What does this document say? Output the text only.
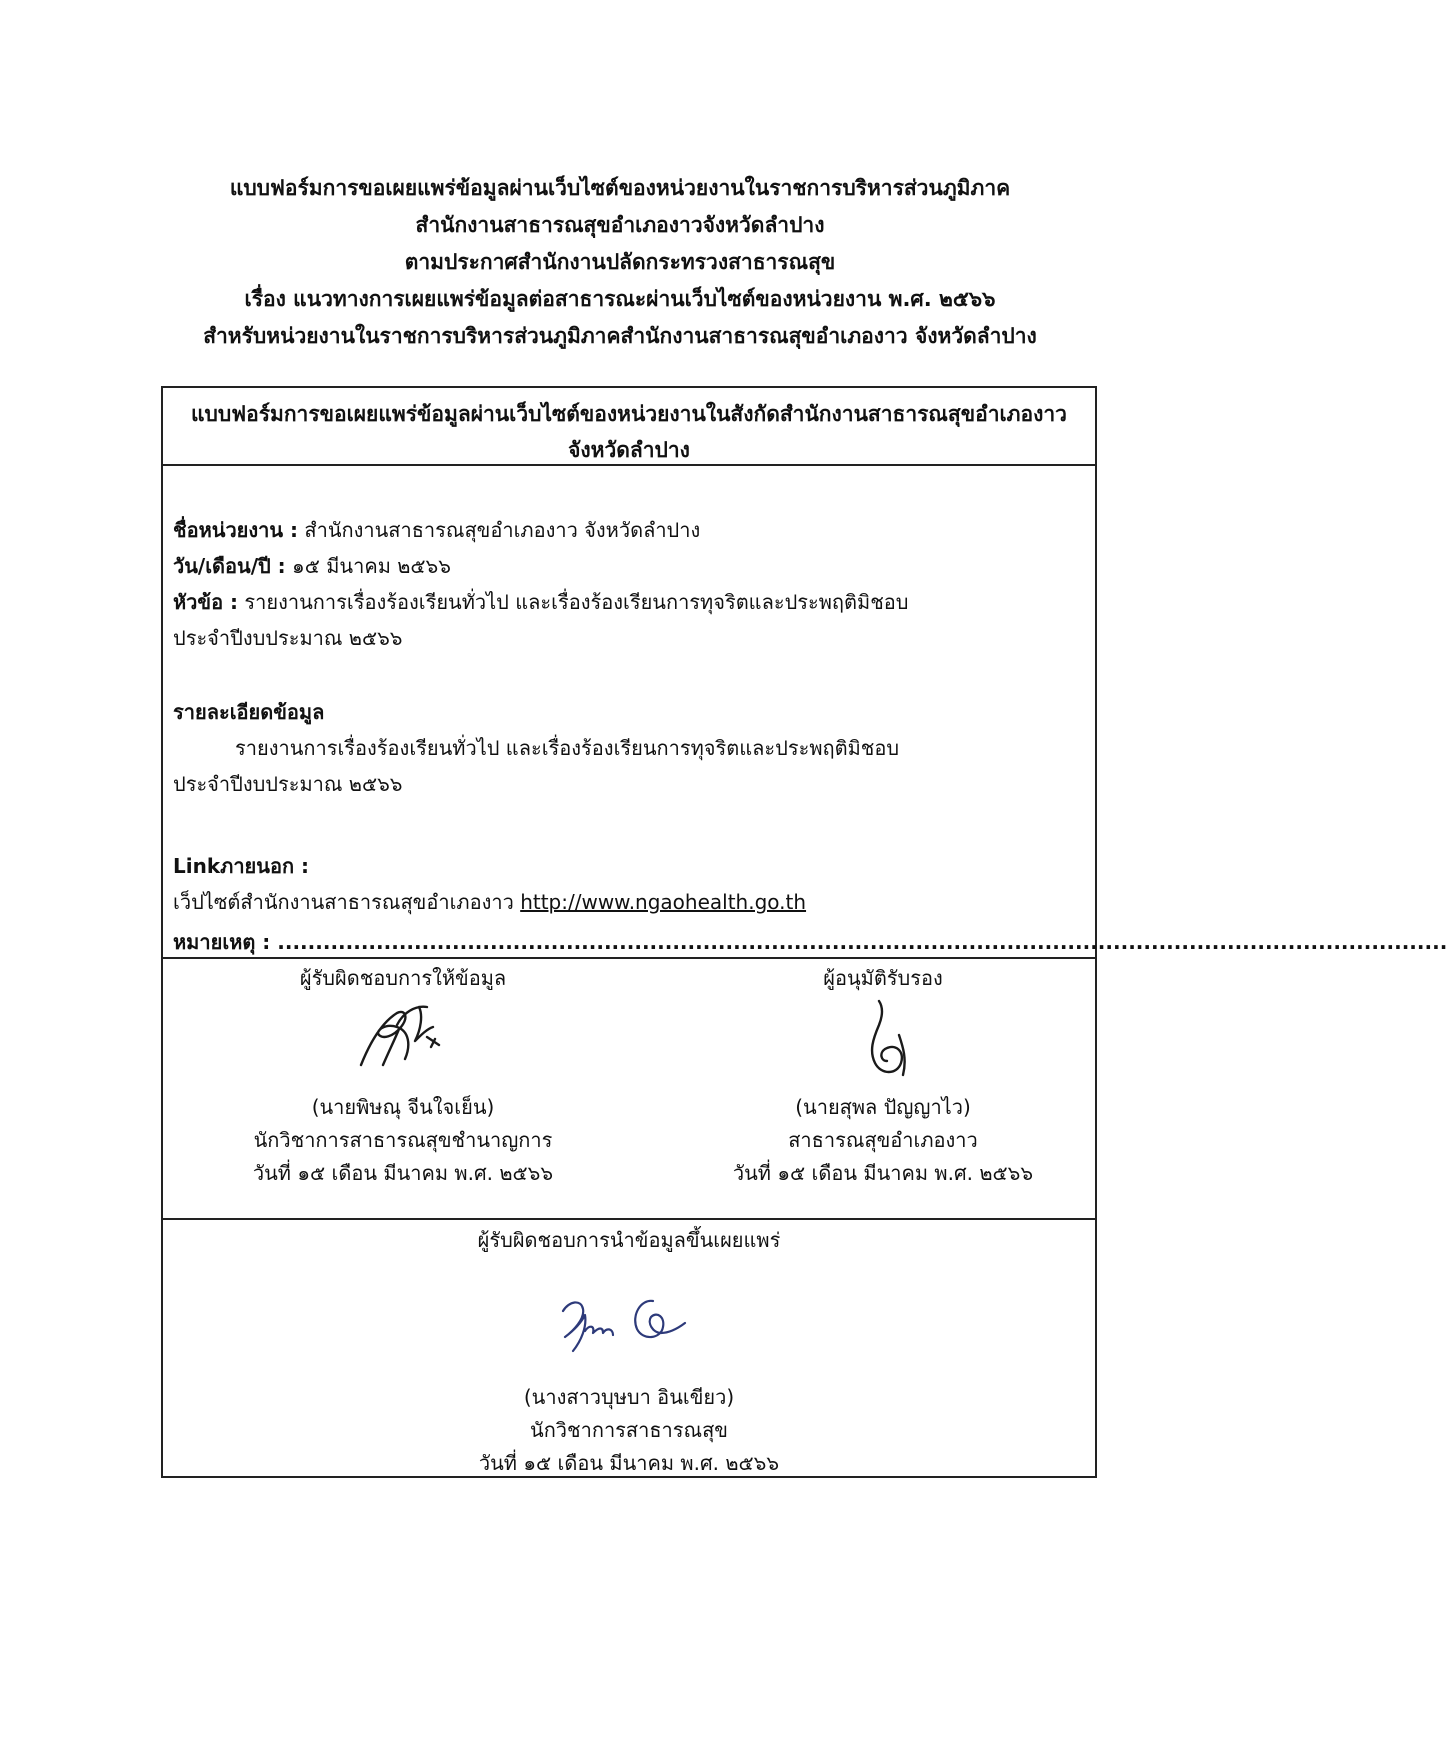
แบบฟอร์มการขอเผยแพร่ข้อมูลผ่านเว็บไซต์ของหน่วยงานในราชการบริหารส่วนภูมิภาค
สำนักงานสาธารณสุขอำเภองาวจังหวัดลำปาง
ตามประกาศสำนักงานปลัดกระทรวงสาธารณสุข
เรื่อง แนวทางการเผยแพร่ข้อมูลต่อสาธารณะผ่านเว็บไซต์ของหน่วยงาน พ.ศ. ๒๕๖๖
สำหรับหน่วยงานในราชการบริหารส่วนภูมิภาคสำนักงานสาธารณสุขอำเภองาว จังหวัดลำปาง
แบบฟอร์มการขอเผยแพร่ข้อมูลผ่านเว็บไซต์ของหน่วยงานในสังกัดสำนักงานสาธารณสุขอำเภองาว
จังหวัดลำปาง
ชื่อหน่วยงาน : สำนักงานสาธารณสุขอำเภองาว จังหวัดลำปาง
วัน/เดือน/ปี : ๑๕ มีนาคม ๒๕๖๖
หัวข้อ : รายงานการเรื่องร้องเรียนทั่วไป และเรื่องร้องเรียนการทุจริตและประพฤติมิชอบ
ประจำปีงบประมาณ ๒๕๖๖
รายละเอียดข้อมูล
รายงานการเรื่องร้องเรียนทั่วไป และเรื่องร้องเรียนการทุจริตและประพฤติมิชอบ
ประจำปีงบประมาณ ๒๕๖๖
Linkภายนอก :
เว็ปไซต์สำนักงานสาธารณสุขอำเภองาว http://www.ngaohealth.go.th
หมายเหตุ : ..........................................................................................................................................................
ผู้รับผิดชอบการให้ข้อมูล
(นายพิษณุ จีนใจเย็น)
นักวิชาการสาธารณสุขชำนาญการ
วันที่ ๑๕ เดือน มีนาคม พ.ศ. ๒๕๖๖
ผู้อนุมัติรับรอง
(นายสุพล ปัญญาไว)
สาธารณสุขอำเภองาว
วันที่ ๑๕ เดือน มีนาคม พ.ศ. ๒๕๖๖
ผู้รับผิดชอบการนำข้อมูลขึ้นเผยแพร่
(นางสาวบุษบา อินเขียว)
นักวิชาการสาธารณสุข
วันที่ ๑๕ เดือน มีนาคม พ.ศ. ๒๕๖๖
